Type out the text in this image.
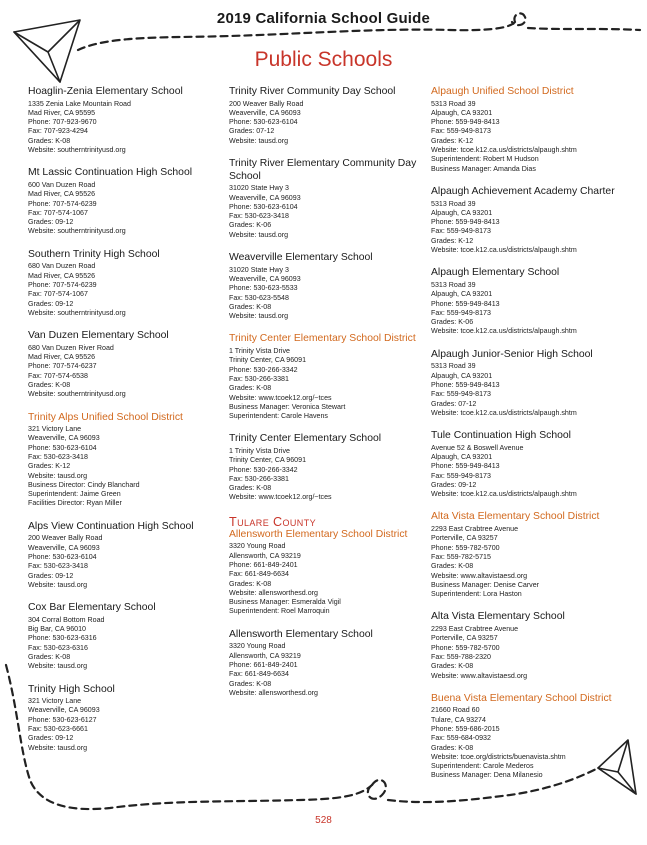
2019 California School Guide
Public Schools
Hoaglin-Zenia Elementary School
1335 Zenia Lake Mountain Road
Mad River, CA 95595
Phone: 707-923-9670
Fax: 707-923-4294
Grades: K-08
Website: southerntrinityusd.org
Mt Lassic Continuation High School
600 Van Duzen Road
Mad River, CA 95526
Phone: 707-574-6239
Fax: 707-574-1067
Grades: 09-12
Website: southerntrinityusd.org
Southern Trinity High School
680 Van Duzen Road
Mad River, CA 95526
Phone: 707-574-6239
Fax: 707-574-1067
Grades: 09-12
Website: southerntrinityusd.org
Van Duzen Elementary School
680 Van Duzen River Road
Mad River, CA 95526
Phone: 707-574-6237
Fax: 707-574-6538
Grades: K-08
Website: southerntrinityusd.org
Trinity Alps Unified School District
321 Victory Lane
Weaverville, CA 96093
Phone: 530-623-6104
Fax: 530-623-3418
Grades: K-12
Website: tausd.org
Business Director: Cindy Blanchard
Superintendent: Jaime Green
Facilities Director: Ryan Miller
Alps View Continuation High School
200 Weaver Bally Road
Weaverville, CA 96093
Phone: 530-623-6104
Fax: 530-623-3418
Grades: 09-12
Website: tausd.org
Cox Bar Elementary School
304 Corral Bottom Road
Big Bar, CA 96010
Phone: 530-623-6316
Fax: 530-623-6316
Grades: K-08
Website: tausd.org
Trinity High School
321 Victory Lane
Weaverville, CA 96093
Phone: 530-623-6127
Fax: 530-623-6661
Grades: 09-12
Website: tausd.org
Trinity River Community Day School
200 Weaver Bally Road
Weaverville, CA 96093
Phone: 530-623-6104
Grades: 07-12
Website: tausd.org
Trinity River Elementary Community Day School
31020 State Hwy 3
Weaverville, CA 96093
Phone: 530-623-6104
Fax: 530-623-3418
Grades: K-06
Website: tausd.org
Weaverville Elementary School
31020 State Hwy 3
Weaverville, CA 96093
Phone: 530-623-5533
Fax: 530-623-5548
Grades: K-08
Website: tausd.org
Trinity Center Elementary School District
1 Trinity Vista Drive
Trinity Center, CA 96091
Phone: 530-266-3342
Fax: 530-266-3381
Grades: K-08
Website: www.tcoek12.org/~tces
Business Manager: Veronica Stewart
Superintendent: Carole Havens
Trinity Center Elementary School
1 Trinity Vista Drive
Trinity Center, CA 96091
Phone: 530-266-3342
Fax: 530-266-3381
Grades: K-08
Website: www.tcoek12.org/~tces
Tulare County
Allensworth Elementary School District
3320 Young Road
Allensworth, CA 93219
Phone: 661-849-2401
Fax: 661-849-6634
Grades: K-08
Website: allensworthesd.org
Business Manager: Esmeralda Vigil
Superintendent: Roel Marroquin
Allensworth Elementary School
3320 Young Road
Allensworth, CA 93219
Phone: 661-849-2401
Fax: 661-849-6634
Grades: K-08
Website: allensworthesd.org
Alpaugh Unified School District
5313 Road 39
Alpaugh, CA 93201
Phone: 559-949-8413
Fax: 559-949-8173
Grades: K-12
Website: tcoe.k12.ca.us/districts/alpaugh.shtm
Superintendent: Robert M Hudson
Business Manager: Amanda Dias
Alpaugh Achievement Academy Charter
5313 Road 39
Alpaugh, CA 93201
Phone: 559-949-8413
Fax: 559-949-8173
Grades: K-12
Website: tcoe.k12.ca.us/districts/alpaugh.shtm
Alpaugh Elementary School
5313 Road 39
Alpaugh, CA 93201
Phone: 559-949-8413
Fax: 559-949-8173
Grades: K-06
Website: tcoe.k12.ca.us/districts/alpaugh.shtm
Alpaugh Junior-Senior High School
5313 Road 39
Alpaugh, CA 93201
Phone: 559-949-8413
Fax: 559-949-8173
Grades: 07-12
Website: tcoe.k12.ca.us/districts/alpaugh.shtm
Tule Continuation High School
Avenue 52 & Boswell Avenue
Alpaugh, CA 93201
Phone: 559-949-8413
Fax: 559-949-8173
Grades: 09-12
Website: tcoe.k12.ca.us/districts/alpaugh.shtm
Alta Vista Elementary School District
2293 East Crabtree Avenue
Porterville, CA 93257
Phone: 559-782-5700
Fax: 559-782-5715
Grades: K-08
Website: www.altavistaesd.org
Business Manager: Denise Carver
Superintendent: Lora Haston
Alta Vista Elementary School
2293 East Crabtree Avenue
Porterville, CA 93257
Phone: 559-782-5700
Fax: 559-788-2320
Grades: K-08
Website: www.altavistaesd.org
Buena Vista Elementary School District
21660 Road 60
Tulare, CA 93274
Phone: 559-686-2015
Fax: 559-684-0932
Grades: K-08
Website: tcoe.org/districts/buenavista.shtm
Superintendent: Carole Mederos
Business Manager: Dena Milanesio
528
